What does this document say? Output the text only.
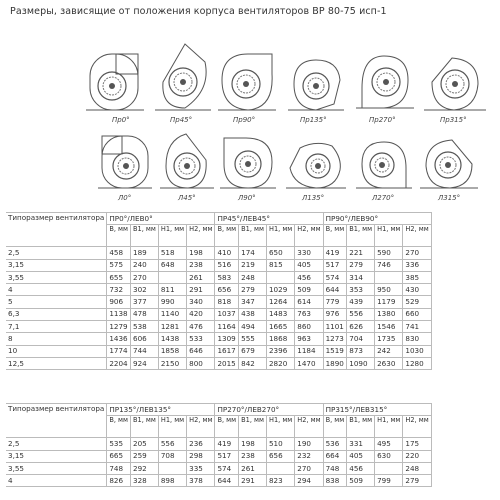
Размеры, зависящие от положения корпуса вентиляторов ВР 80-75 исп-1
Пр0°	Пр45°	Пр90°	Пр135°	Пр270°	Пр315°
Л0°	Л45°	Л90°	Л135°	Л270°	Л315°
Типоразмер вентилятора	ПР0°/ЛЕВ0°				ПР45°/ЛЕВ45°				ПР90°/ЛЕВ90°			
	В, мм	В1, мм	Н1, мм	Н2, мм	В, мм	В1, мм	Н1, мм	Н2, мм	В, мм	В1, мм	Н1, мм	Н2, мм
2,5	458	189	518	198	410	174	650	330	419	221	590	270
3,15	575	240	648	238	516	219	815	405	517	279	746	336
3,55	655	270		261	583	248		456	574	314		385
4	732	302	811	291	656	279	1029	509	644	353	950	430
5	906	377	990	340	818	347	1264	614	779	439	1179	529
6,3	1138	478	1140	420	1037	438	1483	763	976	556	1380	660
7,1	1279	538	1281	476	1164	494	1665	860	1101	626	1546	741
8	1436	606	1438	533	1309	555	1868	963	1273	704	1735	830
10	1774	744	1858	646	1617	679	2396	1184	1519	873	242	1030
12,5	2204	924	2150	800	2015	842	2820	1470	1890	1090	2630	1280
Типоразмер вентилятора	ПР135°/ЛЕВ135°				ПР270°/ЛЕВ270°				ПР315°/ЛЕВ315°			
	В, мм	В1, мм	Н1, мм	Н2, мм	В, мм	В1, мм	Н1, мм	Н2, мм	В, мм	В1, мм	Н1, мм	Н2, мм
2,5	535	205	556	236	419	198	510	190	536	331	495	175
3,15	665	259	708	298	517	238	656	232	664	405	630	220
3,55	748	292		335	574	261		270	748	456		248
4	826	328	898	378	644	291	823	294	838	509	799	279
